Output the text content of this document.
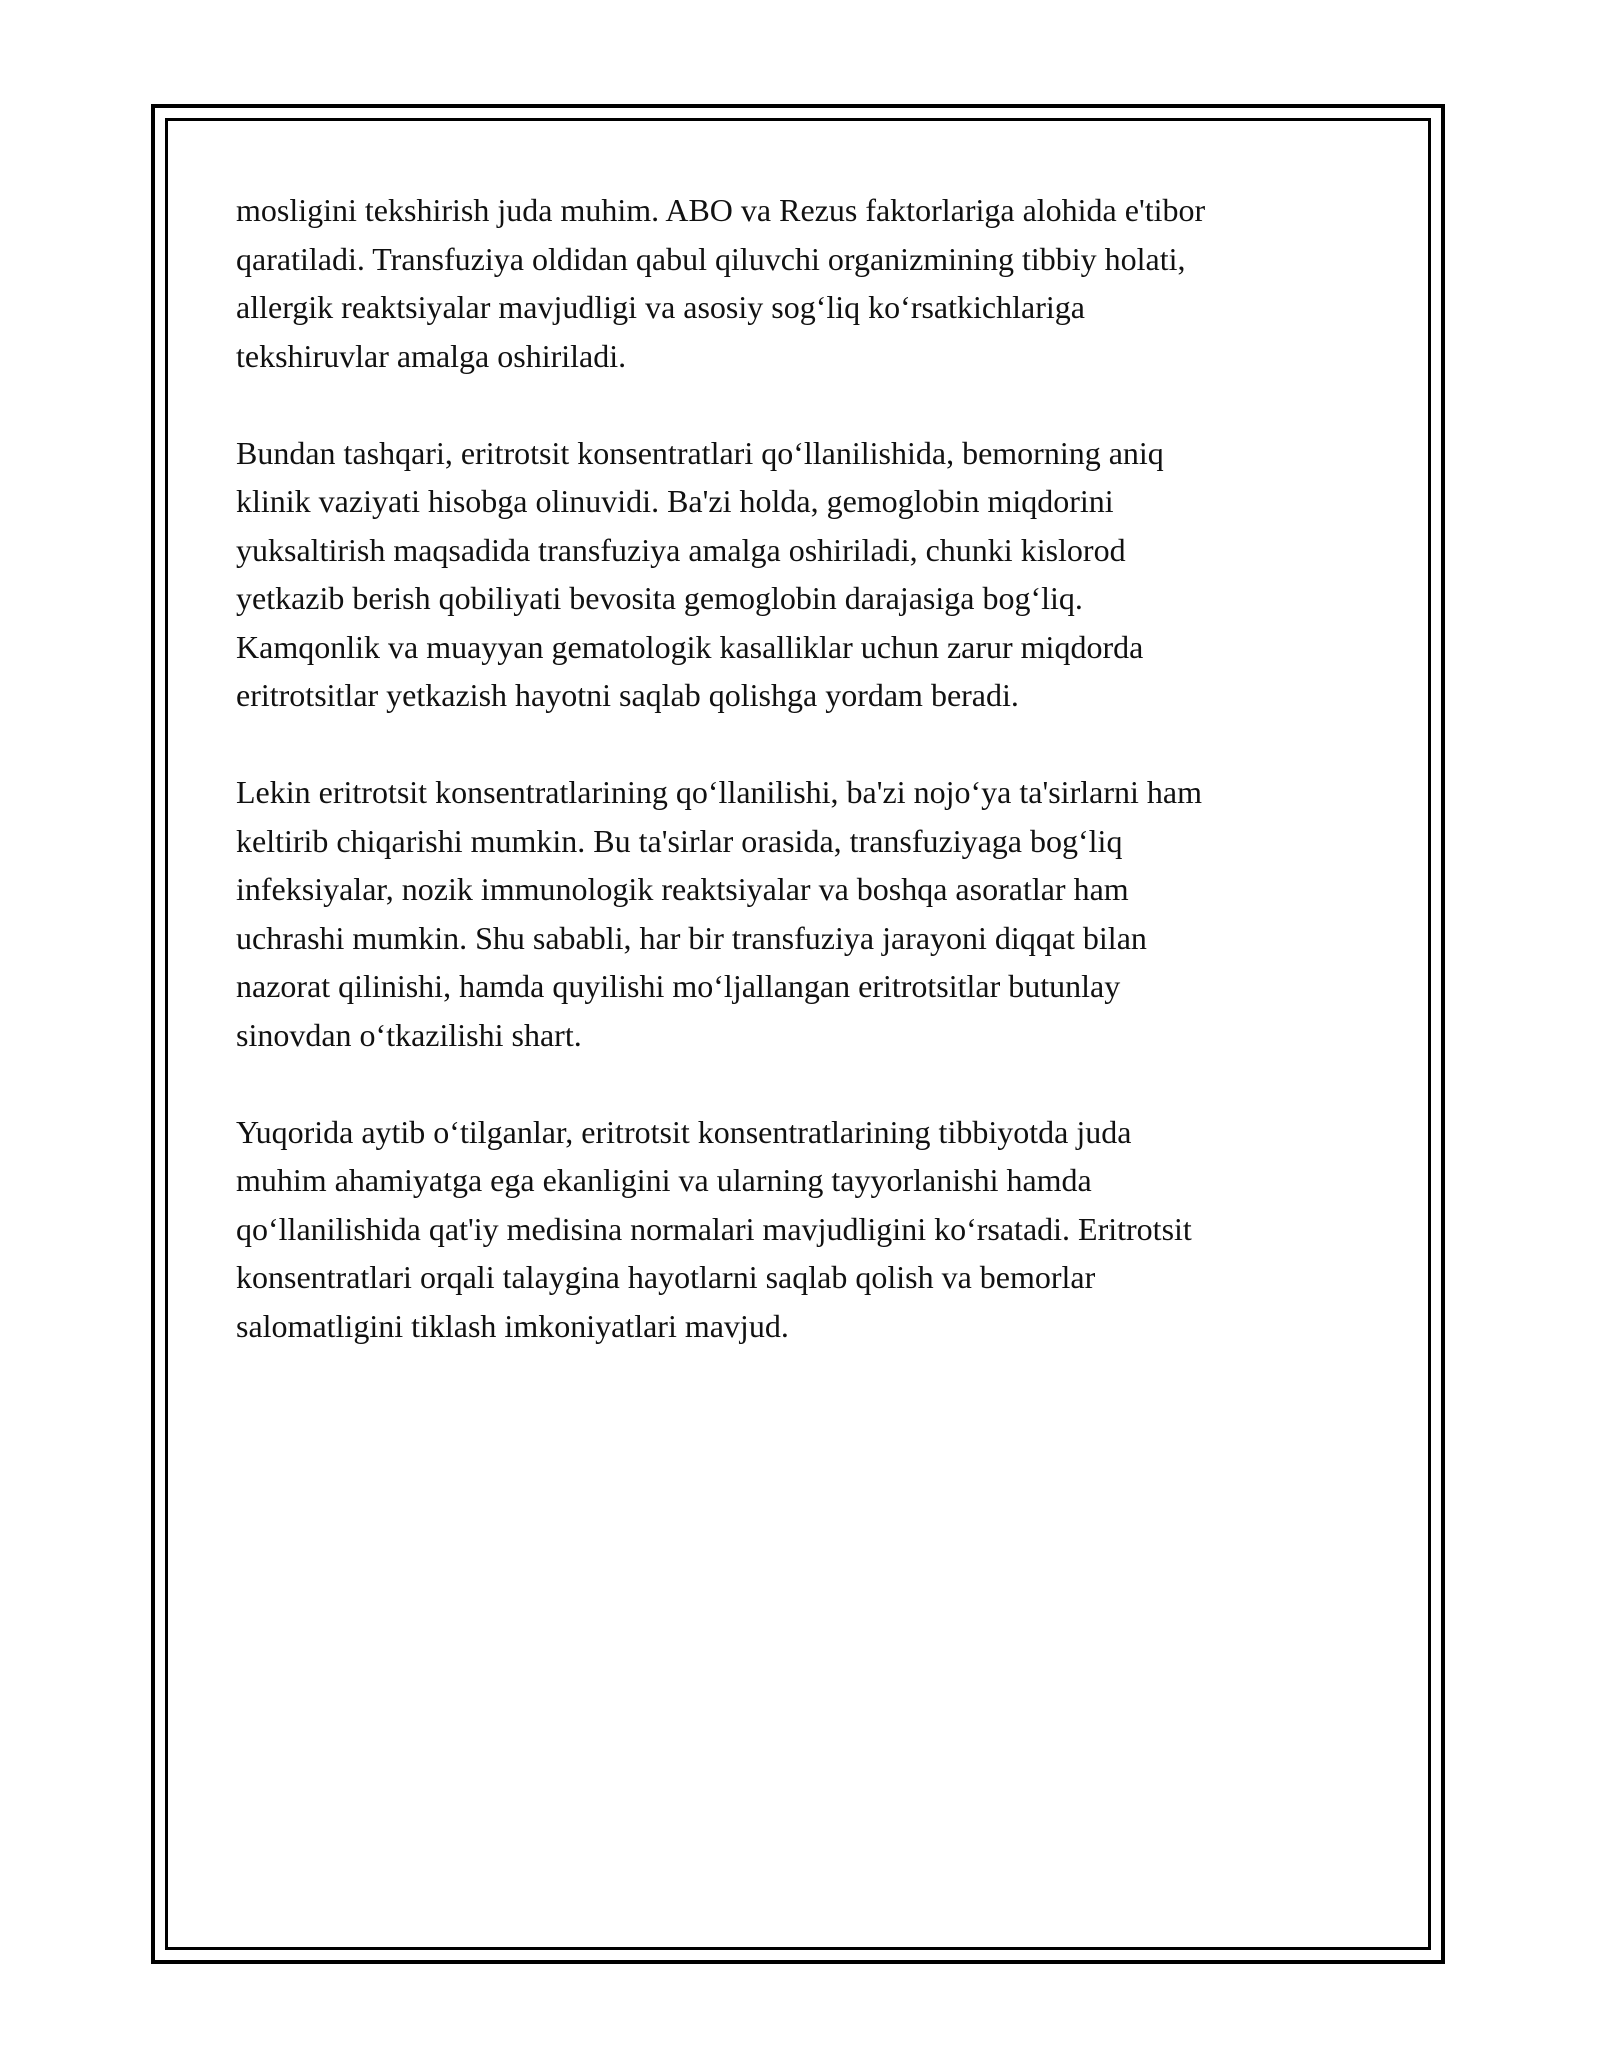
mosligini tekshirish juda muhim. ABO va Rezus faktorlariga alohida e'tibor
qaratiladi. Transfuziya oldidan qabul qiluvchi organizmining tibbiy holati,
allergik reaktsiyalar mavjudligi va asosiy sog‘liq ko‘rsatkichlariga
tekshiruvlar amalga oshiriladi.

Bundan tashqari, eritrotsit konsentratlari qo‘llanilishida, bemorning aniq
klinik vaziyati hisobga olinuvidi. Ba'zi holda, gemoglobin miqdorini
yuksaltirish maqsadida transfuziya amalga oshiriladi, chunki kislorod
yetkazib berish qobiliyati bevosita gemoglobin darajasiga bog‘liq.
Kamqonlik va muayyan gematologik kasalliklar uchun zarur miqdorda
eritrotsitlar yetkazish hayotni saqlab qolishga yordam beradi.

Lekin eritrotsit konsentratlarining qo‘llanilishi, ba'zi nojo‘ya ta'sirlarni ham
keltirib chiqarishi mumkin. Bu ta'sirlar orasida, transfuziyaga bog‘liq
infeksiyalar, nozik immunologik reaktsiyalar va boshqa asoratlar ham
uchrashi mumkin. Shu sababli, har bir transfuziya jarayoni diqqat bilan
nazorat qilinishi, hamda quyilishi mo‘ljallangan eritrotsitlar butunlay
sinovdan o‘tkazilishi shart.

Yuqorida aytib o‘tilganlar, eritrotsit konsentratlarining tibbiyotda juda
muhim ahamiyatga ega ekanligini va ularning tayyorlanishi hamda
qo‘llanilishida qat'iy medisina normalari mavjudligini ko‘rsatadi. Eritrotsit
konsentratlari orqali talaygina hayotlarni saqlab qolish va bemorlar
salomatligini tiklash imkoniyatlari mavjud.
